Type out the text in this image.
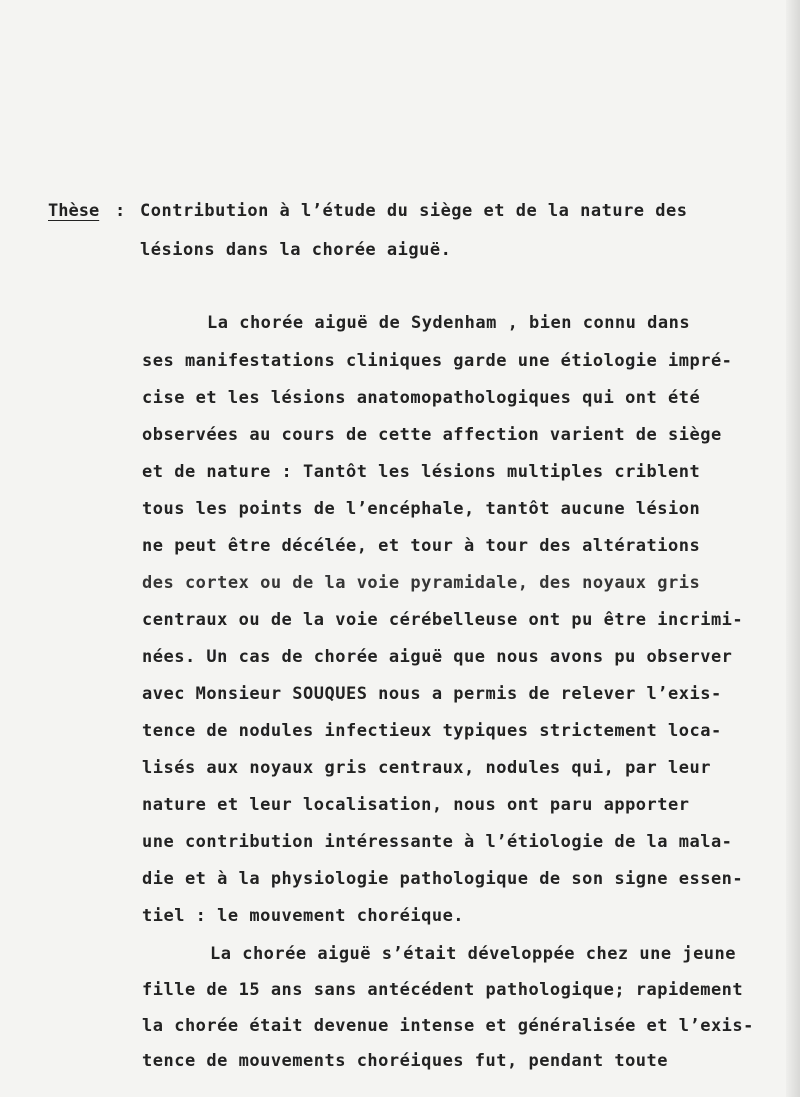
Thèse : Contribution à l’étude du siège et de la nature des
lésions dans la chorée aiguë.
La chorée aiguë de Sydenham , bien connu dans
ses manifestations cliniques garde une étiologie impré-
cise et les lésions anatomopathologiques qui ont été
observées au cours de cette affection varient de siège
et de nature : Tantôt les lésions multiples criblent
tous les points de l’encéphale, tantôt aucune lésion
ne peut être décélée, et tour à tour des altérations
des cortex ou de la voie pyramidale, des noyaux gris
centraux ou de la voie cérébelleuse ont pu être incrimi-
nées. Un cas de chorée aiguë que nous avons pu observer
avec Monsieur SOUQUES nous a permis de relever l’exis-
tence de nodules infectieux typiques strictement loca-
lisés aux noyaux gris centraux, nodules qui, par leur
nature et leur localisation, nous ont paru apporter
une contribution intéressante à l’étiologie de la mala-
die et à la physiologie pathologique de son signe essen-
tiel : le mouvement choréique.
La chorée aiguë s’était développée chez une jeune
fille de 15 ans sans antécédent pathologique; rapidement
la chorée était devenue intense et généralisée et l’exis-
tence de mouvements choréiques fut, pendant toute
